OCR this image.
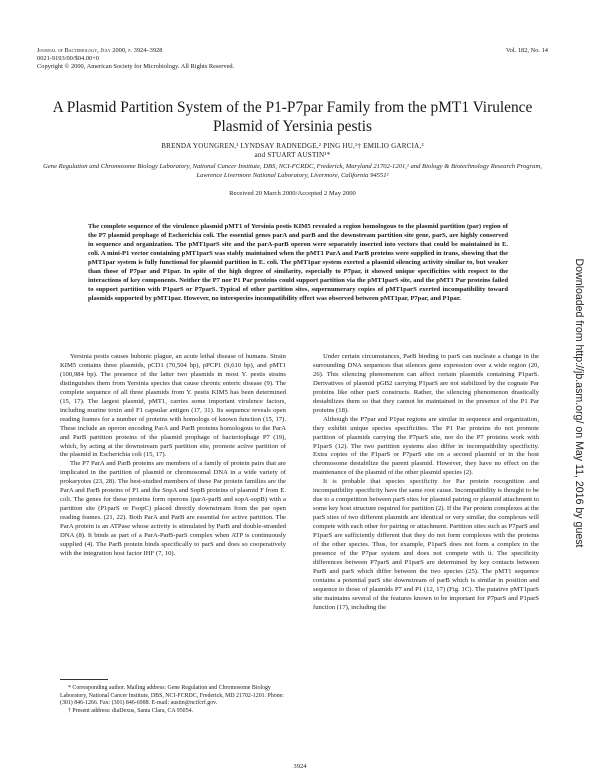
Journal of Bacteriology, July 2000, p. 3924–3928
0021-9193/00/$04.00+0
Copyright © 2000, American Society for Microbiology. All Rights Reserved.
Vol. 182, No. 14
A Plasmid Partition System of the P1-P7par Family from the pMT1 Virulence Plasmid of Yersinia pestis
BRENDA YOUNGREN,¹ LYNDSAY RADNEDGE,² PING HU,²† EMILIO GARCIA,²
and STUART AUSTIN¹*
Gene Regulation and Chromosome Biology Laboratory, National Cancer Institute, DBS, NCI-FCRDC, Frederick, Maryland 21702-1201,¹ and Biology & Biotechnology Research Program, Lawrence Livermore National Laboratory, Livermore, California 94551²
Received 20 March 2000/Accepted 2 May 2000

The complete sequence of the virulence plasmid pMT1 of Yersinia pestis KIM5 revealed a region homologous to the plasmid partition (par) region of the P7 plasmid prophage of Escherichia coli. The essential genes parA and parB and the downstream partition site gene, parS, are highly conserved in sequence and organization. The pMT1parS site and the parA-parB operon were separately inserted into vectors that could be maintained in E. coli. A mini-P1 vector containing pMT1parS was stably maintained when the pMT1 ParA and ParB proteins were supplied in trans, showing that the pMT1par system is fully functional for plasmid partition in E. coli. The pMT1par system exerted a plasmid silencing activity similar to, but weaker than those of P7par and P1par. In spite of the high degree of similarity, especially to P7par, it showed unique specificities with respect to the interactions of key components. Neither the P7 nor P1 Par proteins could support partition via the pMT1parS site, and the pMT1 Par proteins failed to support partition with P1parS or P7parS. Typical of other partition sites, supernumerary copies of pMT1parS exerted incompatibility toward plasmids supported by pMT1par. However, no interspecies incompatibility effect was observed between pMT1par, P7par, and P1par.

Yersinia pestis causes bubonic plague, an acute lethal disease of humans. Strain KIM5 contains three plasmids, pCD1 (70,504 bp), pPCP1 (9,610 bp), and pMT1 (100,984 bp). The presence of the latter two plasmids in most Y. pestis strains distinguishes them from Yersinia species that cause chronic enteric disease (9). The complete sequence of all three plasmids from Y. pestis KIM5 has been determined (15, 17). The largest plasmid, pMT1, carries some important virulence factors, including murine toxin and F1 capsular antigen (17, 31). Its sequence reveals open reading frames for a number of proteins with homologs of known function (15, 17). These include an operon encoding ParA and ParB proteins homologous to the ParA and ParB partition proteins of the plasmid prophage of bacteriophage P7 (19), which, by acting at the downstream parS partition site, promote active partition of the plasmid in Escherichia coli (15, 17).

The P7 ParA and ParB proteins are members of a family of protein pairs that are implicated in the partition of plasmid or chromosomal DNA in a wide variety of prokaryotes (23, 28). The best-studied members of these Par protein families are the ParA and ParB proteins of P1 and the SopA and SopB proteins of plasmid F from E. coli. The genes for these proteins form operons (parA-parB and sopA-sopB) with a partition site (P1parS or FsopC) placed directly downstream from the par open reading frames. (21, 22). Both ParA and ParB are essential for active partition. The ParA protein is an ATPase whose activity is stimulated by ParB and double-stranded DNA (8). It binds as part of a ParA-ParB-parS complex when ATP is continuously supplied (4). The ParB protein binds specifically to parS and does so cooperatively with the integration host factor IHF (7, 10).

Under certain circumstances, ParB binding to parS can nucleate a change in the surrounding DNA sequences that silences gene expression over a wide region (20, 26). This silencing phenomenon can affect certain plasmids containing P1parS. Derivatives of plasmid pGB2 carrying P1parS are not stabilized by the cognate Par proteins like other parS constructs. Rather, the silencing phenomenon drastically destabilizes them so that they cannot be maintained in the presence of the P1 Par proteins (18).

Although the P7par and P1par regions are similar in sequence and organization, they exhibit unique species specificities. The P1 Par proteins do not promote partition of plasmids carrying the P7parS site, nor do the P7 proteins work with P1parS (12). The two partition systems also differ in incompatibility specificity. Extra copies of the P1parS or P7parS site on a second plasmid or in the host chromosome destabilize the parent plasmid. However, they have no effect on the maintenance of the plasmid of the other plasmid species (2).

It is probable that species specificity for Par protein recognition and incompatibility specificity have the same root cause. Incompatibility is thought to be due to a competition between parS sites for plasmid pairing or plasmid attachment to some key host structure required for partition (2). If the Par protein complexes at the parS sites of two different plasmids are identical or very similar, the complexes will compete with each other for pairing or attachment. Partition sites such as P7parS and P1parS are sufficiently different that they do not form complexes with the proteins of the other species. Thus, for example, P1parS does not form a complex in the presence of the P7par system and does not compete with it. The specificity differences between P7parS and P1parS are determined by key contacts between ParB and parS which differ between the two species (25). The pMT1 sequence contains a potential parS site downstream of parB which is similar in position and sequence to those of plasmids P7 and P1 (12, 17) (Fig. 1C). The putative pMT1parS site maintains several of the features known to be important for P7parS and P1parS function (17), including the

* Corresponding author. Mailing address: Gene Regulation and Chromosome Biology Laboratory, National Cancer Institute, DBS, NCI-FCRDC, Frederick, MD 21702-1201. Phone: (301) 846-1266. Fax: (301) 846-6988. E-mail: austin@ncifcrf.gov.

† Present address: diaDexus, Santa Clara, CA 95054.

3924
Downloaded from http://jb.asm.org/ on May 11, 2016 by guest
